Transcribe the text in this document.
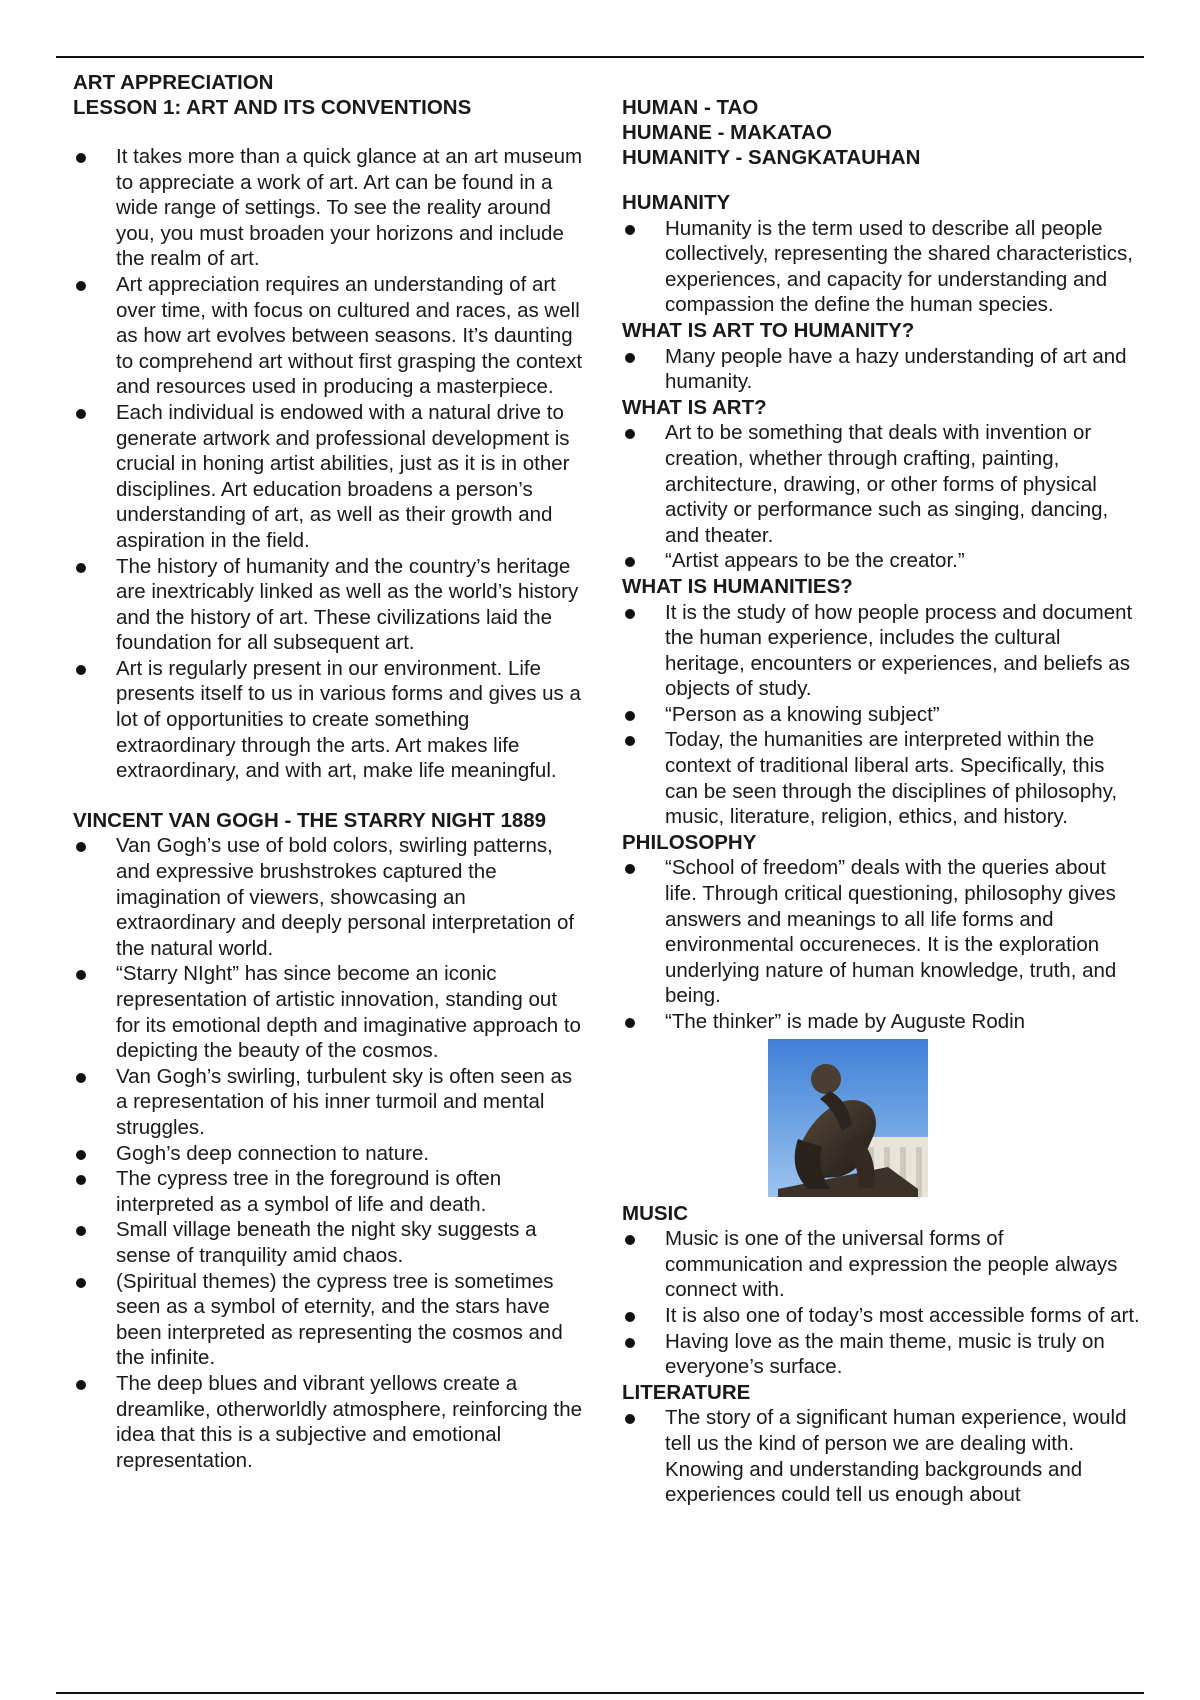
ART APPRECIATION

LESSON 1: ART AND ITS CONVENTIONS

It takes more than a quick glance at an art museum to appreciate a work of art. Art can be found in a wide range of settings. To see the reality around you, you must broaden your horizons and include the realm of art.
Art appreciation requires an understanding of art over time, with focus on cultured and races, as well as how art evolves between seasons. It’s daunting to comprehend art without first grasping the context and resources used in producing a masterpiece.
Each individual is endowed with a natural drive to generate artwork and professional development is crucial in honing artist abilities, just as it is in other disciplines. Art education broadens a person’s understanding of art, as well as their growth and aspiration in the field.
The history of humanity and the country’s heritage are inextricably linked as well as the world’s history and the history of art. These civilizations laid the foundation for all subsequent art.
Art is regularly present in our environment. Life presents itself to us in various forms and gives us a lot of opportunities to create something extraordinary through the arts. Art makes life extraordinary, and with art, make life meaningful.

VINCENT VAN GOGH - THE STARRY NIGHT 1889

Van Gogh’s use of bold colors, swirling patterns, and expressive brushstrokes captured the imagination of viewers, showcasing an extraordinary and deeply personal interpretation of the natural world.
“Starry NIght” has since become an iconic representation of artistic innovation, standing out for its emotional depth and imaginative approach to depicting the beauty of the cosmos.
Van Gogh’s swirling, turbulent sky is often seen as a representation of his inner turmoil and mental struggles.
Gogh’s deep connection to nature.
The cypress tree in the foreground is often interpreted as a symbol of life and death.
Small village beneath the night sky suggests a sense of tranquility amid chaos.
(Spiritual themes) the cypress tree is sometimes seen as a symbol of eternity, and the stars have been interpreted as representing the cosmos and the infinite.
The deep blues and vibrant yellows create a dreamlike, otherworldly atmosphere, reinforcing the idea that this is a subjective and emotional representation.

HUMAN - TAO

HUMANE - MAKATAO

HUMANITY - SANGKATAUHAN

HUMANITY

Humanity is the term used to describe all people collectively, representing the shared characteristics, experiences, and capacity for understanding and compassion the define the human species.

WHAT IS ART TO HUMANITY?

Many people have a hazy understanding of art and humanity.

WHAT IS ART?

Art to be something that deals with invention or creation, whether through crafting, painting, architecture, drawing, or other forms of physical activity or performance such as singing, dancing, and theater.
“Artist appears to be the creator.”

WHAT IS HUMANITIES?

It is the study of how people process and document the human experience, includes the cultural heritage, encounters or experiences, and beliefs as objects of study.
“Person as a knowing subject”
Today, the humanities are interpreted within the context of traditional liberal arts. Specifically, this can be seen through the disciplines of philosophy, music, literature, religion, ethics, and history.

PHILOSOPHY

“School of freedom” deals with the queries about life. Through critical questioning, philosophy gives answers and meanings to all life forms and environmental occureneces. It is the exploration underlying nature of human knowledge, truth, and being.
“The thinker” is made by Auguste Rodin

MUSIC

Music is one of the universal forms of communication and expression the people always connect with.
It is also one of today’s most accessible forms of art.
Having love as the main theme, music is truly on everyone’s surface.

LITERATURE

The story of a significant human experience, would tell us the kind of person we are dealing with. Knowing and understanding backgrounds and experiences could tell us enough about
